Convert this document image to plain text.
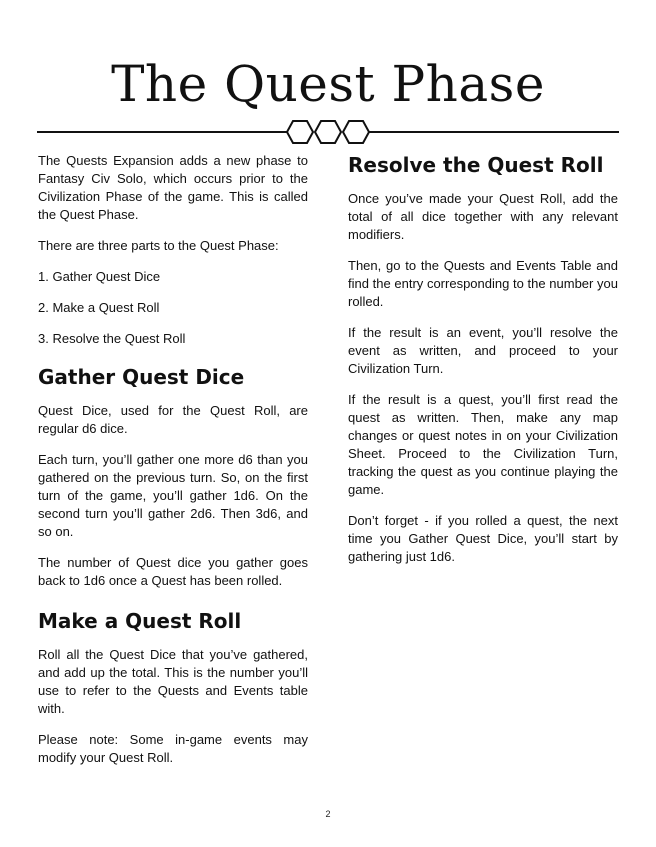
The Quest Phase

The Quests Expansion adds a new phase to Fantasy Civ Solo, which occurs prior to the Civilization Phase of the game. This is called the Quest Phase.

There are three parts to the Quest Phase:

1. Gather Quest Dice
2. Make a Quest Roll
3. Resolve the Quest Roll
Gather Quest Dice

Quest Dice, used for the Quest Roll, are regular d6 dice.

Each turn, you’ll gather one more d6 than you gathered on the previous turn. So, on the first turn of the game, you’ll gather 1d6. On the second turn you’ll gather 2d6. Then 3d6, and so on.

The number of Quest dice you gather goes back to 1d6 once a Quest has been rolled.

Make a Quest Roll

Roll all the Quest Dice that you’ve gathered, and add up the total. This is the number you’ll use to refer to the Quests and Events table with.

Please note: Some in-game events may modify your Quest Roll.

Resolve the Quest Roll

Once you’ve made your Quest Roll, add the total of all dice together with any relevant modifiers.

Then, go to the Quests and Events Table and find the entry corresponding to the number you rolled.

If the result is an event, you’ll resolve the event as written, and proceed to your Civilization Turn.

If the result is a quest, you’ll first read the quest as written. Then, make any map changes or quest notes in on your Civilization Sheet. Proceed to the Civilization Turn, tracking the quest as you continue playing the game.

Don’t forget - if you rolled a quest, the next time you Gather Quest Dice, you’ll start by gathering just 1d6.

2
